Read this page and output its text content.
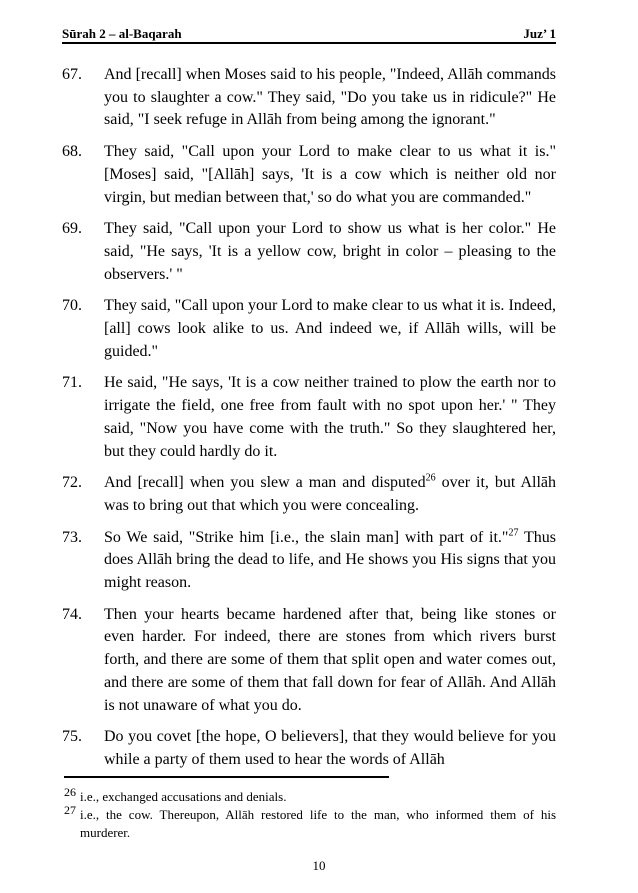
Sūrah 2 – al-Baqarah	Juz’ 1
67.	And [recall] when Moses said to his people, "Indeed, Allāh commands you to slaughter a cow." They said, "Do you take us in ridicule?" He said, "I seek refuge in Allāh from being among the ignorant."
68.	They said, "Call upon your Lord to make clear to us what it is." [Moses] said, "[Allāh] says, 'It is a cow which is neither old nor virgin, but median between that,' so do what you are commanded."
69.	They said, "Call upon your Lord to show us what is her color." He said, "He says, 'It is a yellow cow, bright in color – pleasing to the observers.' "
70.	They said, "Call upon your Lord to make clear to us what it is. Indeed, [all] cows look alike to us. And indeed we, if Allāh wills, will be guided."
71.	He said, "He says, 'It is a cow neither trained to plow the earth nor to irrigate the field, one free from fault with no spot upon her.' " They said, "Now you have come with the truth." So they slaughtered her, but they could hardly do it.
72.	And [recall] when you slew a man and disputed$^{26}$ over it, but Allāh was to bring out that which you were concealing.
73.	So We said, "Strike him [i.e., the slain man] with part of it."$^{27}$ Thus does Allāh bring the dead to life, and He shows you His signs that you might reason.
74.	Then your hearts became hardened after that, being like stones or even harder. For indeed, there are stones from which rivers burst forth, and there are some of them that split open and water comes out, and there are some of them that fall down for fear of Allāh. And Allāh is not unaware of what you do.
75.	Do you covet [the hope, O believers], that they would believe for you while a party of them used to hear the words of Allāh
26 i.e., exchanged accusations and denials.
27 i.e., the cow. Thereupon, Allāh restored life to the man, who informed them of his murderer.
10
